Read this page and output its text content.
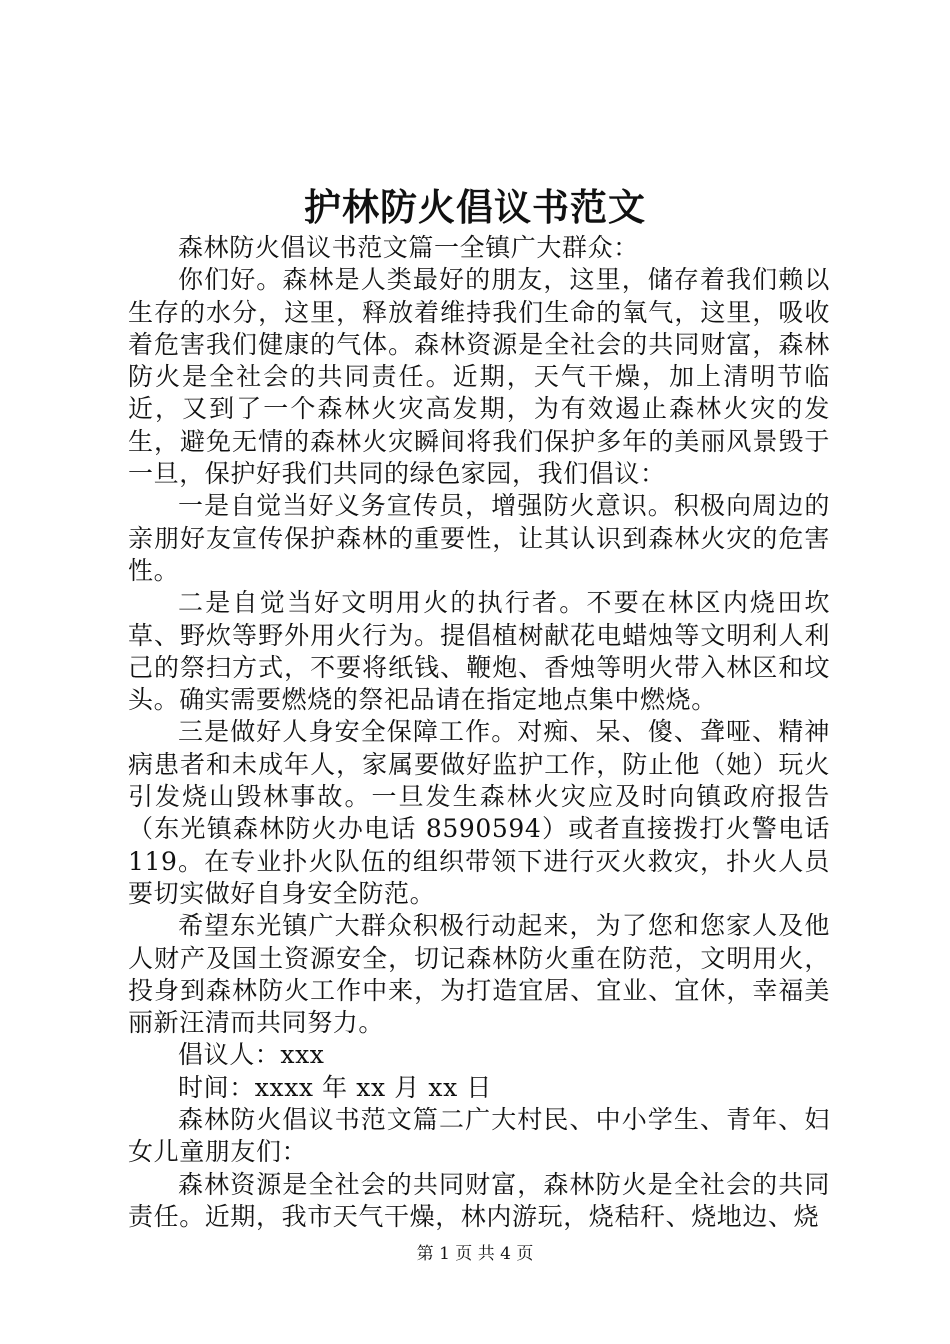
护林防火倡议书范文

森林防火倡议书范文篇一全镇广大群众：

你们好。森林是人类最好的朋友，这里，储存着我们赖以生存的水分，这里，释放着维持我们生命的氧气，这里，吸收着危害我们健康的气体。森林资源是全社会的共同财富，森林防火是全社会的共同责任。近期，天气干燥，加上清明节临近，又到了一个森林火灾高发期，为有效遏止森林火灾的发生，避免无情的森林火灾瞬间将我们保护多年的美丽风景毁于一旦，保护好我们共同的绿色家园，我们倡议：

一是自觉当好义务宣传员，增强防火意识。积极向周边的亲朋好友宣传保护森林的重要性，让其认识到森林火灾的危害性。

二是自觉当好文明用火的执行者。不要在林区内烧田坎草、野炊等野外用火行为。提倡植树献花电蜡烛等文明利人利己的祭扫方式，不要将纸钱、鞭炮、香烛等明火带入林区和坟头。确实需要燃烧的祭祀品请在指定地点集中燃烧。

三是做好人身安全保障工作。对痴、呆、傻、聋哑、精神病患者和未成年人，家属要做好监护工作，防止他（她）玩火引发烧山毁林事故。一旦发生森林火灾应及时向镇政府报告（东光镇森林防火办电话 8590594）或者直接拨打火警电话 119。在专业扑火队伍的组织带领下进行灭火救灾，扑火人员要切实做好自身安全防范。

希望东光镇广大群众积极行动起来，为了您和您家人及他人财产及国土资源安全，切记森林防火重在防范，文明用火，投身到森林防火工作中来，为打造宜居、宜业、宜休，幸福美丽新汪清而共同努力。

倡议人：xxx

时间：xxxx 年 xx 月 xx 日

森林防火倡议书范文篇二广大村民、中小学生、青年、妇女儿童朋友们：

森林资源是全社会的共同财富，森林防火是全社会的共同责任。近期，我市天气干燥，林内游玩，烧秸秆、烧地边、烧

第 1 页 共 4 页
